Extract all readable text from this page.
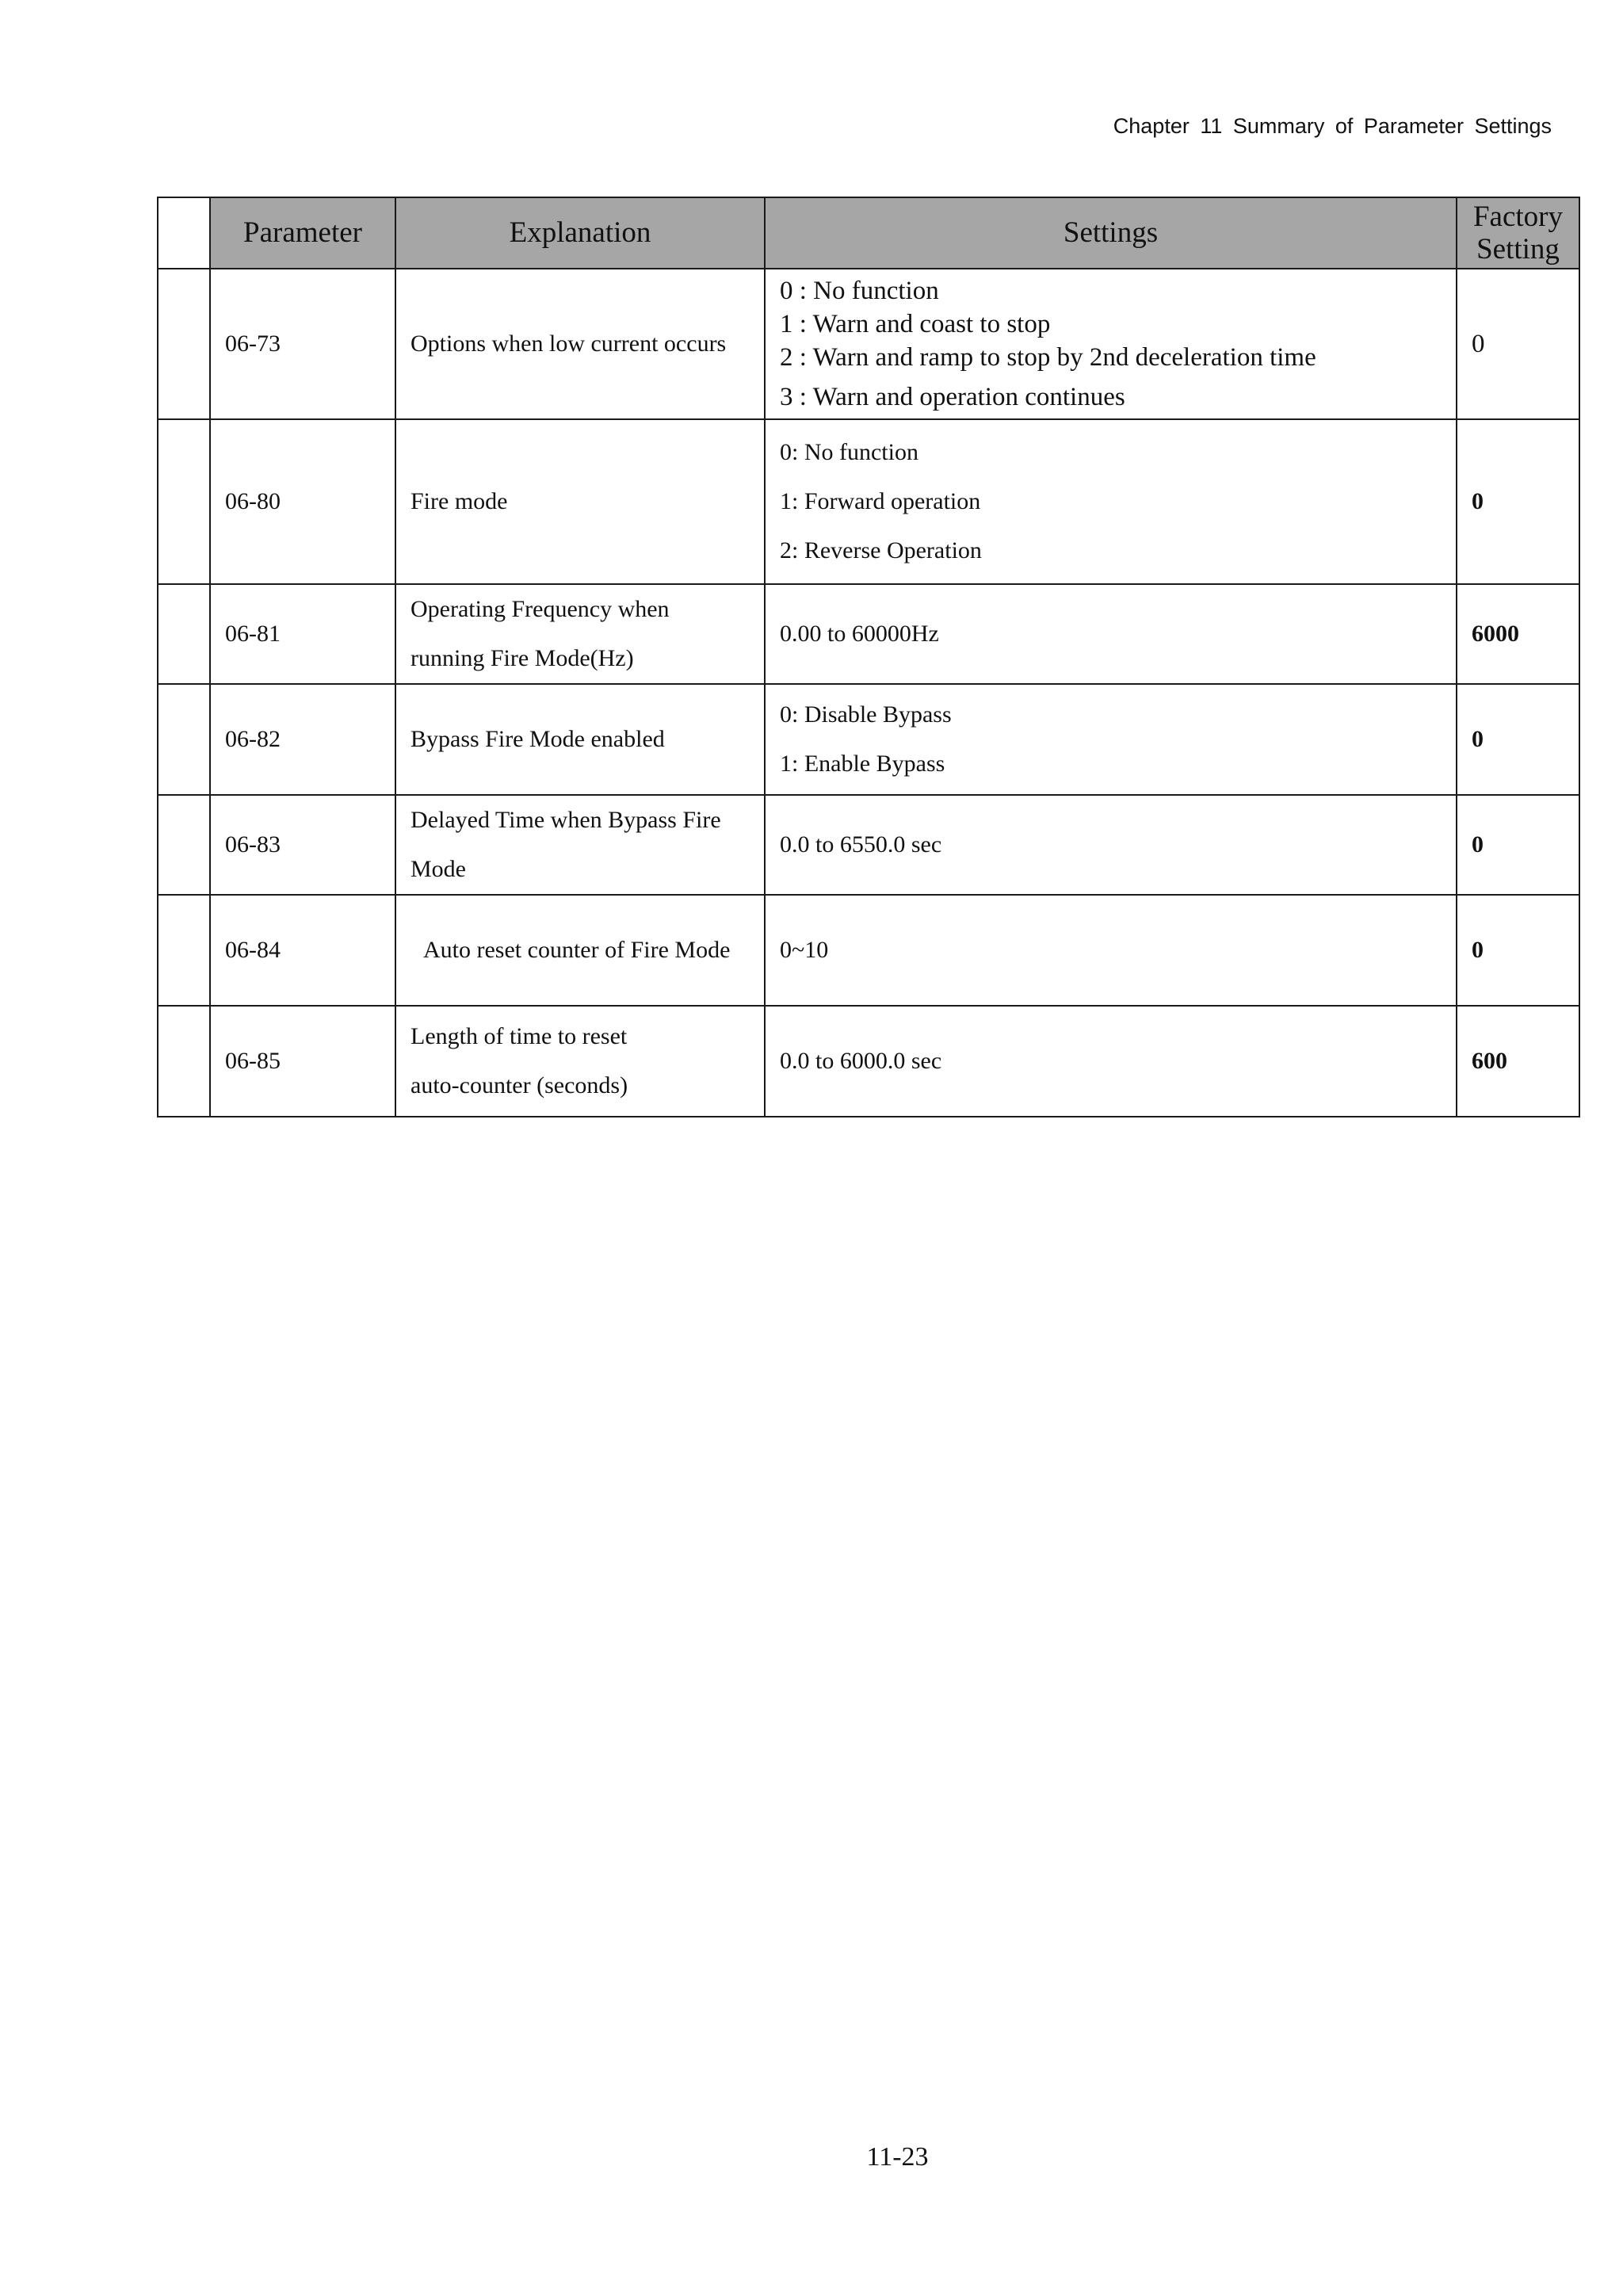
Chapter 11 Summary of Parameter Settings
	Parameter	Explanation	Settings	Factory Setting
	06-73	Options when low current occurs	0 : No function
1 : Warn and coast to stop
2 : Warn and ramp to stop by 2nd deceleration time
3 : Warn and operation continues	0
	06-80	Fire mode	0: No function
1: Forward operation
2: Reverse Operation	0
	06-81	Operating Frequency when
running Fire Mode(Hz)	0.00 to 60000Hz	6000
	06-82	Bypass Fire Mode enabled	0: Disable Bypass
1: Enable Bypass	0
	06-83	Delayed Time when Bypass Fire
Mode	0.0 to 6550.0 sec	0
	06-84	Auto reset counter of Fire Mode	0~10	0
	06-85	Length of time to reset
auto-counter (seconds)	0.0 to 6000.0 sec	600
11-23
